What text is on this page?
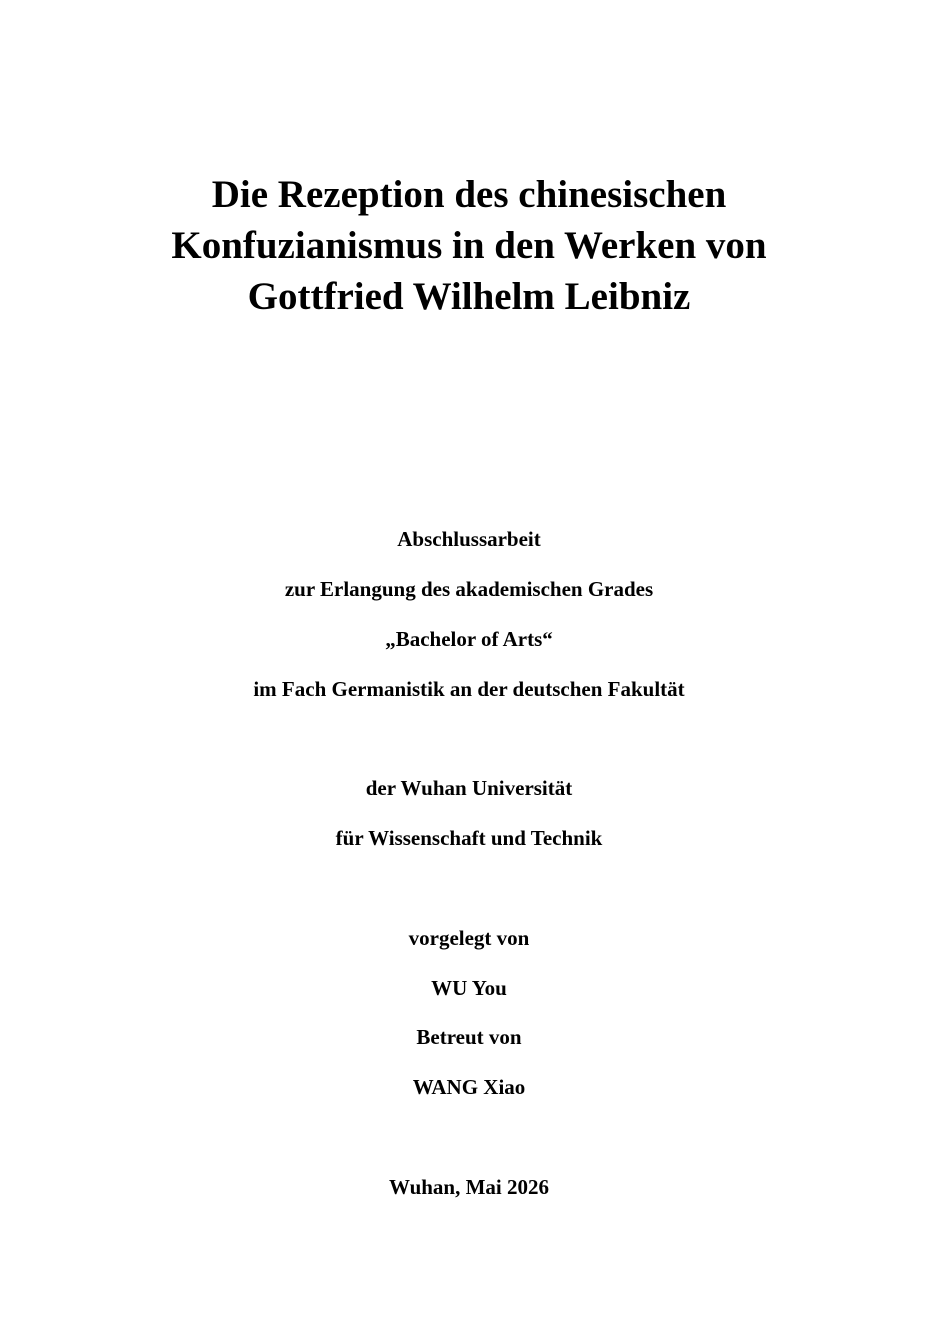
Die Rezeption des chinesischen
Konfuzianismus in den Werken von
Gottfried Wilhelm Leibniz
Abschlussarbeit
zur Erlangung des akademischen Grades
„Bachelor of Arts“
im Fach Germanistik an der deutschen Fakultät
der Wuhan Universität
für Wissenschaft und Technik
vorgelegt von
WU You
Betreut von
WANG Xiao
Wuhan, Mai 2026
